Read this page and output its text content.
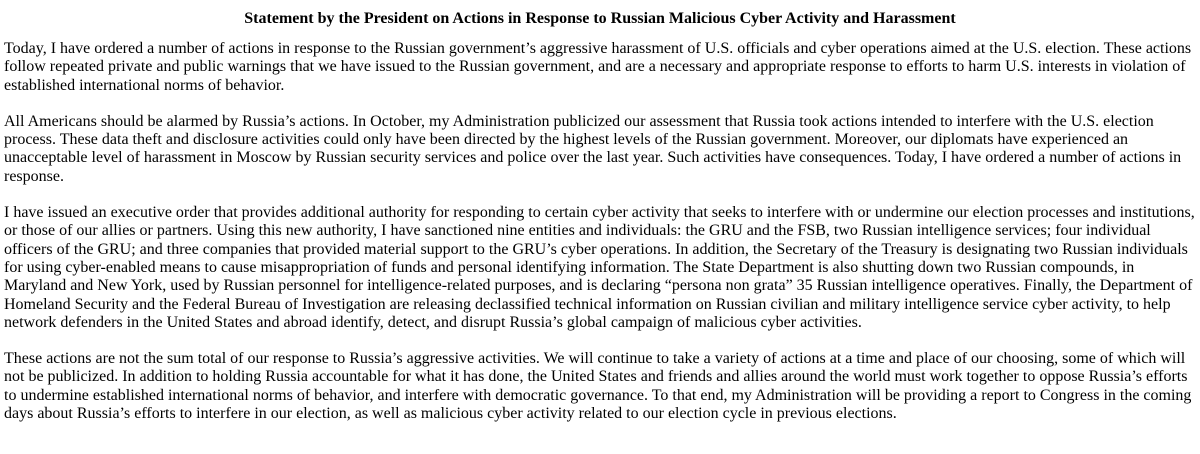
Statement by the President on Actions in Response to Russian Malicious Cyber Activity and Harassment

Today, I have ordered a number of actions in response to the Russian government’s aggressive harassment of U.S. officials and cyber operations aimed at the U.S. election. These actions follow repeated private and public warnings that we have issued to the Russian government, and are a necessary and appropriate response to efforts to harm U.S. interests in violation of established international norms of behavior.

All Americans should be alarmed by Russia’s actions. In October, my Administration publicized our assessment that Russia took actions intended to interfere with the U.S. election process. These data theft and disclosure activities could only have been directed by the highest levels of the Russian government. Moreover, our diplomats have experienced an unacceptable level of harassment in Moscow by Russian security services and police over the last year. Such activities have consequences. Today, I have ordered a number of actions in response.

I have issued an executive order that provides additional authority for responding to certain cyber activity that seeks to interfere with or undermine our election processes and institutions, or those of our allies or partners. Using this new authority, I have sanctioned nine entities and individuals: the GRU and the FSB, two Russian intelligence services; four individual officers of the GRU; and three companies that provided material support to the GRU’s cyber operations. In addition, the Secretary of the Treasury is designating two Russian individuals for using cyber-enabled means to cause misappropriation of funds and personal identifying information. The State Department is also shutting down two Russian compounds, in Maryland and New York, used by Russian personnel for intelligence-related purposes, and is declaring “persona non grata” 35 Russian intelligence operatives. Finally, the Department of Homeland Security and the Federal Bureau of Investigation are releasing declassified technical information on Russian civilian and military intelligence service cyber activity, to help network defenders in the United States and abroad identify, detect, and disrupt Russia’s global campaign of malicious cyber activities.

These actions are not the sum total of our response to Russia’s aggressive activities. We will continue to take a variety of actions at a time and place of our choosing, some of which will not be publicized. In addition to holding Russia accountable for what it has done, the United States and friends and allies around the world must work together to oppose Russia’s efforts to undermine established international norms of behavior, and interfere with democratic governance. To that end, my Administration will be providing a report to Congress in the coming days about Russia’s efforts to interfere in our election, as well as malicious cyber activity related to our election cycle in previous elections.
